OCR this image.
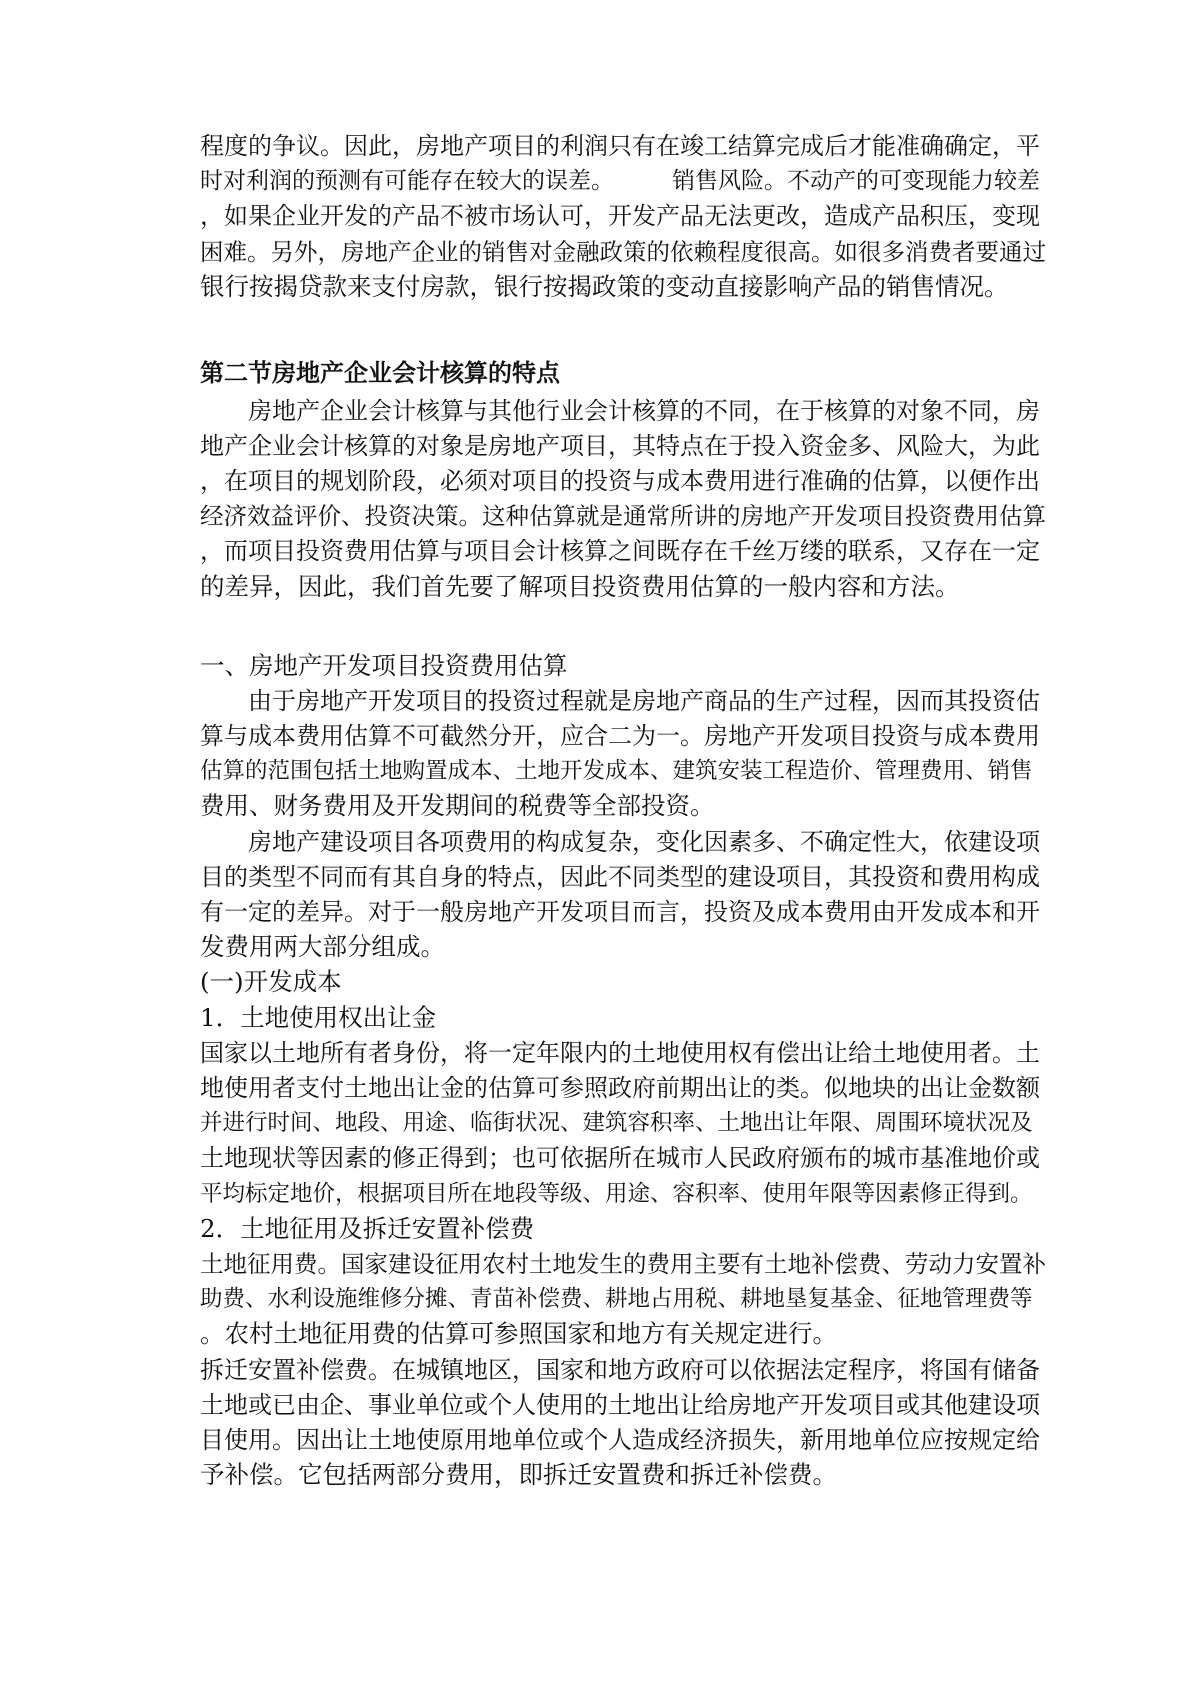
程度的争议。因此，房地产项目的利润只有在竣工结算完成后才能准确确定，平

时对利润的预测有可能存在较大的误差。	销售风险。不动产的可变现能力较差

，如果企业开发的产品不被市场认可，开发产品无法更改，造成产品积压，变现

困难。另外，房地产企业的销售对金融政策的依赖程度很高。如很多消费者要通过

银行按揭贷款来支付房款，银行按揭政策的变动直接影响产品的销售情况。

第二节房地产企业会计核算的特点

房地产企业会计核算与其他行业会计核算的不同，在于核算的对象不同，房

地产企业会计核算的对象是房地产项目，其特点在于投入资金多、风险大，为此

，在项目的规划阶段，必须对项目的投资与成本费用进行准确的估算，以便作出

经济效益评价、投资决策。这种估算就是通常所讲的房地产开发项目投资费用估算

，而项目投资费用估算与项目会计核算之间既存在千丝万缕的联系，又存在一定

的差异，因此，我们首先要了解项目投资费用估算的一般内容和方法。

一、房地产开发项目投资费用估算

由于房地产开发项目的投资过程就是房地产商品的生产过程，因而其投资估

算与成本费用估算不可截然分开，应合二为一。房地产开发项目投资与成本费用

估算的范围包括土地购置成本、土地开发成本、建筑安装工程造价、管理费用、销售

费用、财务费用及开发期间的税费等全部投资。

房地产建设项目各项费用的构成复杂，变化因素多、不确定性大，依建设项

目的类型不同而有其自身的特点，因此不同类型的建设项目，其投资和费用构成

有一定的差异。对于一般房地产开发项目而言，投资及成本费用由开发成本和开

发费用两大部分组成。

(一)开发成本

1．土地使用权出让金

国家以土地所有者身份，将一定年限内的土地使用权有偿出让给土地使用者。土

地使用者支付土地出让金的估算可参照政府前期出让的类。似地块的出让金数额

并进行时间、地段、用途、临街状况、建筑容积率、土地出让年限、周围环境状况及

土地现状等因素的修正得到；也可依据所在城市人民政府颁布的城市基准地价或

平均标定地价，根据项目所在地段等级、用途、容积率、使用年限等因素修正得到。

2．土地征用及拆迁安置补偿费

土地征用费。国家建设征用农村土地发生的费用主要有土地补偿费、劳动力安置补

助费、水利设施维修分摊、青苗补偿费、耕地占用税、耕地垦复基金、征地管理费等

。农村土地征用费的估算可参照国家和地方有关规定进行。

拆迁安置补偿费。在城镇地区，国家和地方政府可以依据法定程序，将国有储备

土地或已由企、事业单位或个人使用的土地出让给房地产开发项目或其他建设项

目使用。因出让土地使原用地单位或个人造成经济损失，新用地单位应按规定给

予补偿。它包括两部分费用，即拆迁安置费和拆迁补偿费。
